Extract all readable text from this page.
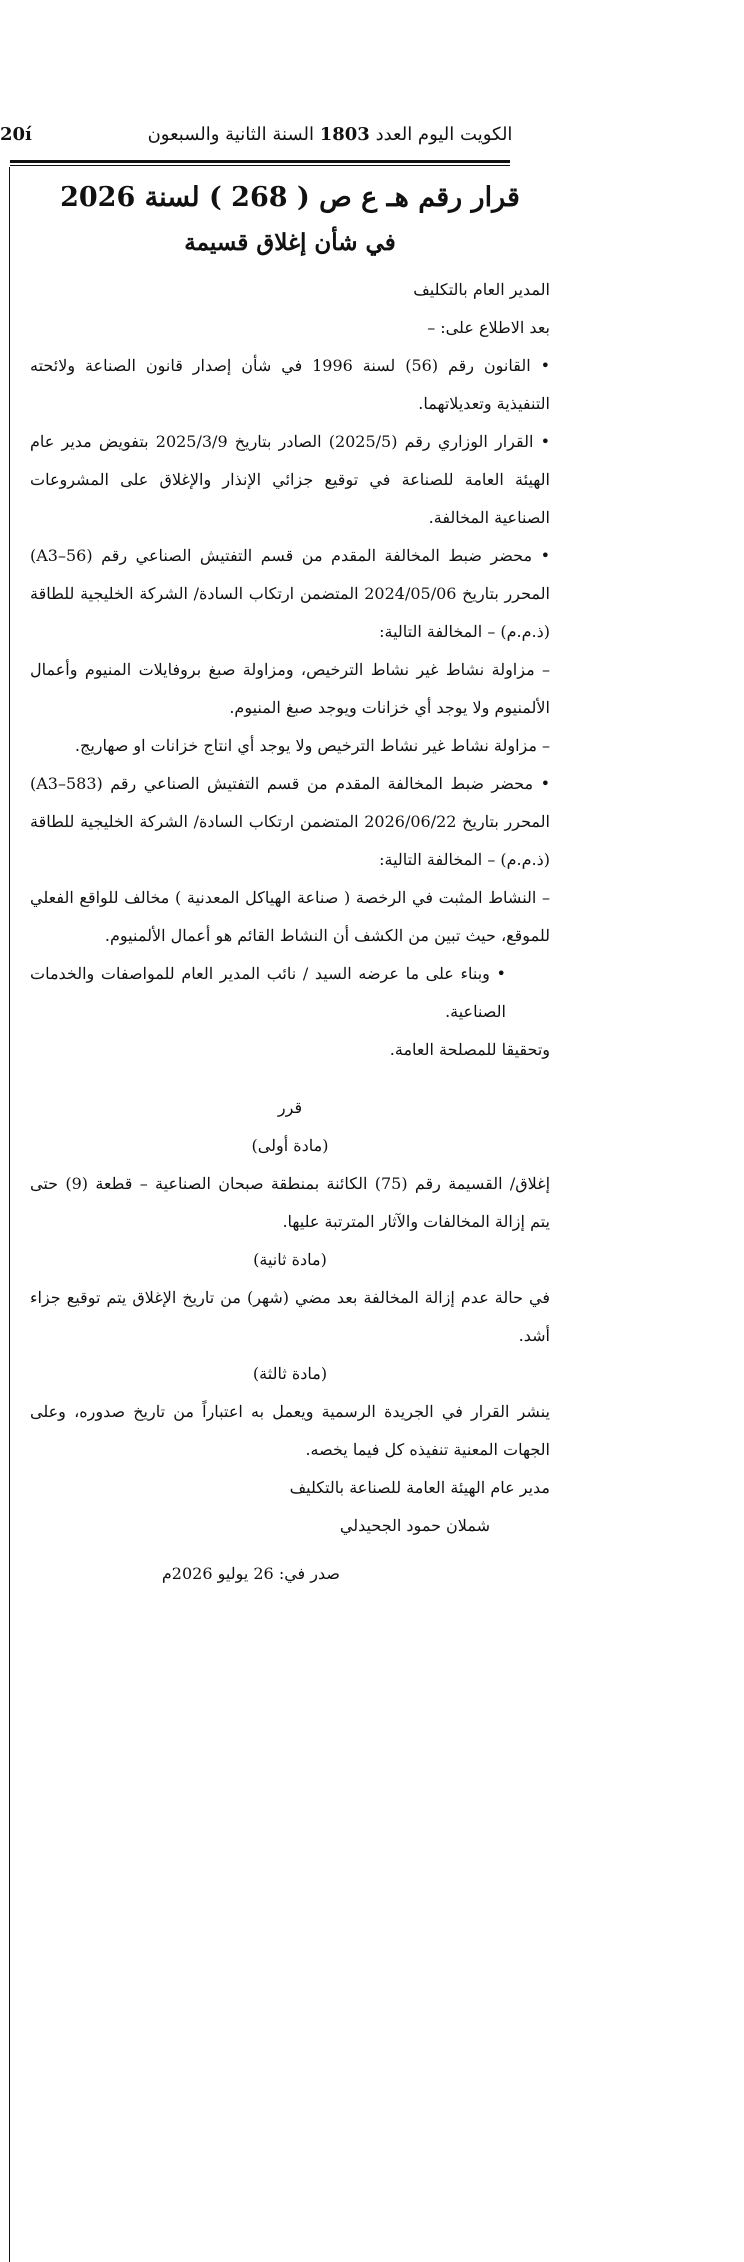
20í	الكويت اليوم العدد 1803 السنة الثانية والسبعون
قرار رقم هـ ع ص ( 268 ) لسنة 2026
في شأن إغلاق قسيمة

المدير العام بالتكليف

بعد الاطلاع على: –

• القانون رقم (56) لسنة 1996 في شأن إصدار قانون الصناعة ولائحته التنفيذية وتعديلاتهما.

• القرار الوزاري رقم (2025/5) الصادر بتاريخ 2025/3/9 بتفويض مدير عام الهيئة العامة للصناعة في توقيع جزائي الإنذار والإغلاق على المشروعات الصناعية المخالفة.

• محضر ضبط المخالفة المقدم من قسم التفتيش الصناعي رقم (A3–56) المحرر بتاريخ 2024/05/06 المتضمن ارتكاب السادة/ الشركة الخليجية للطاقة (ذ.م.م) – المخالفة التالية:

– مزاولة نشاط غير نشاط الترخيص، ومزاولة صبغ بروفايلات المنيوم وأعمال الألمنيوم ولا يوجد أي خزانات ويوجد صبغ المنيوم.

– مزاولة نشاط غير نشاط الترخيص ولا يوجد أي انتاج خزانات او صهاريج.

• محضر ضبط المخالفة المقدم من قسم التفتيش الصناعي رقم (A3–583) المحرر بتاريخ 2026/06/22 المتضمن ارتكاب السادة/ الشركة الخليجية للطاقة (ذ.م.م) – المخالفة التالية:

– النشاط المثبت في الرخصة ( صناعة الهياكل المعدنية ) مخالف للواقع الفعلي للموقع، حيث تبين من الكشف أن النشاط القائم هو أعمال الألمنيوم.

• وبناء على ما عرضه السيد / نائب المدير العام للمواصفات والخدمات الصناعية.

وتحقيقا للمصلحة العامة.

قرر

(مادة أولى)

إغلاق/ القسيمة رقم (75) الكائنة بمنطقة صبحان الصناعية – قطعة (9) حتى يتم إزالة المخالفات والآثار المترتبة عليها.

(مادة ثانية)

في حالة عدم إزالة المخالفة بعد مضي (شهر) من تاريخ الإغلاق يتم توقيع جزاء أشد.

(مادة ثالثة)

ينشر القرار في الجريدة الرسمية ويعمل به اعتباراً من تاريخ صدوره، وعلى الجهات المعنية تنفيذه كل فيما يخصه.

مدير عام الهيئة العامة للصناعة بالتكليف

شملان حمود الجحيدلي

صدر في: 26 يوليو 2026م
